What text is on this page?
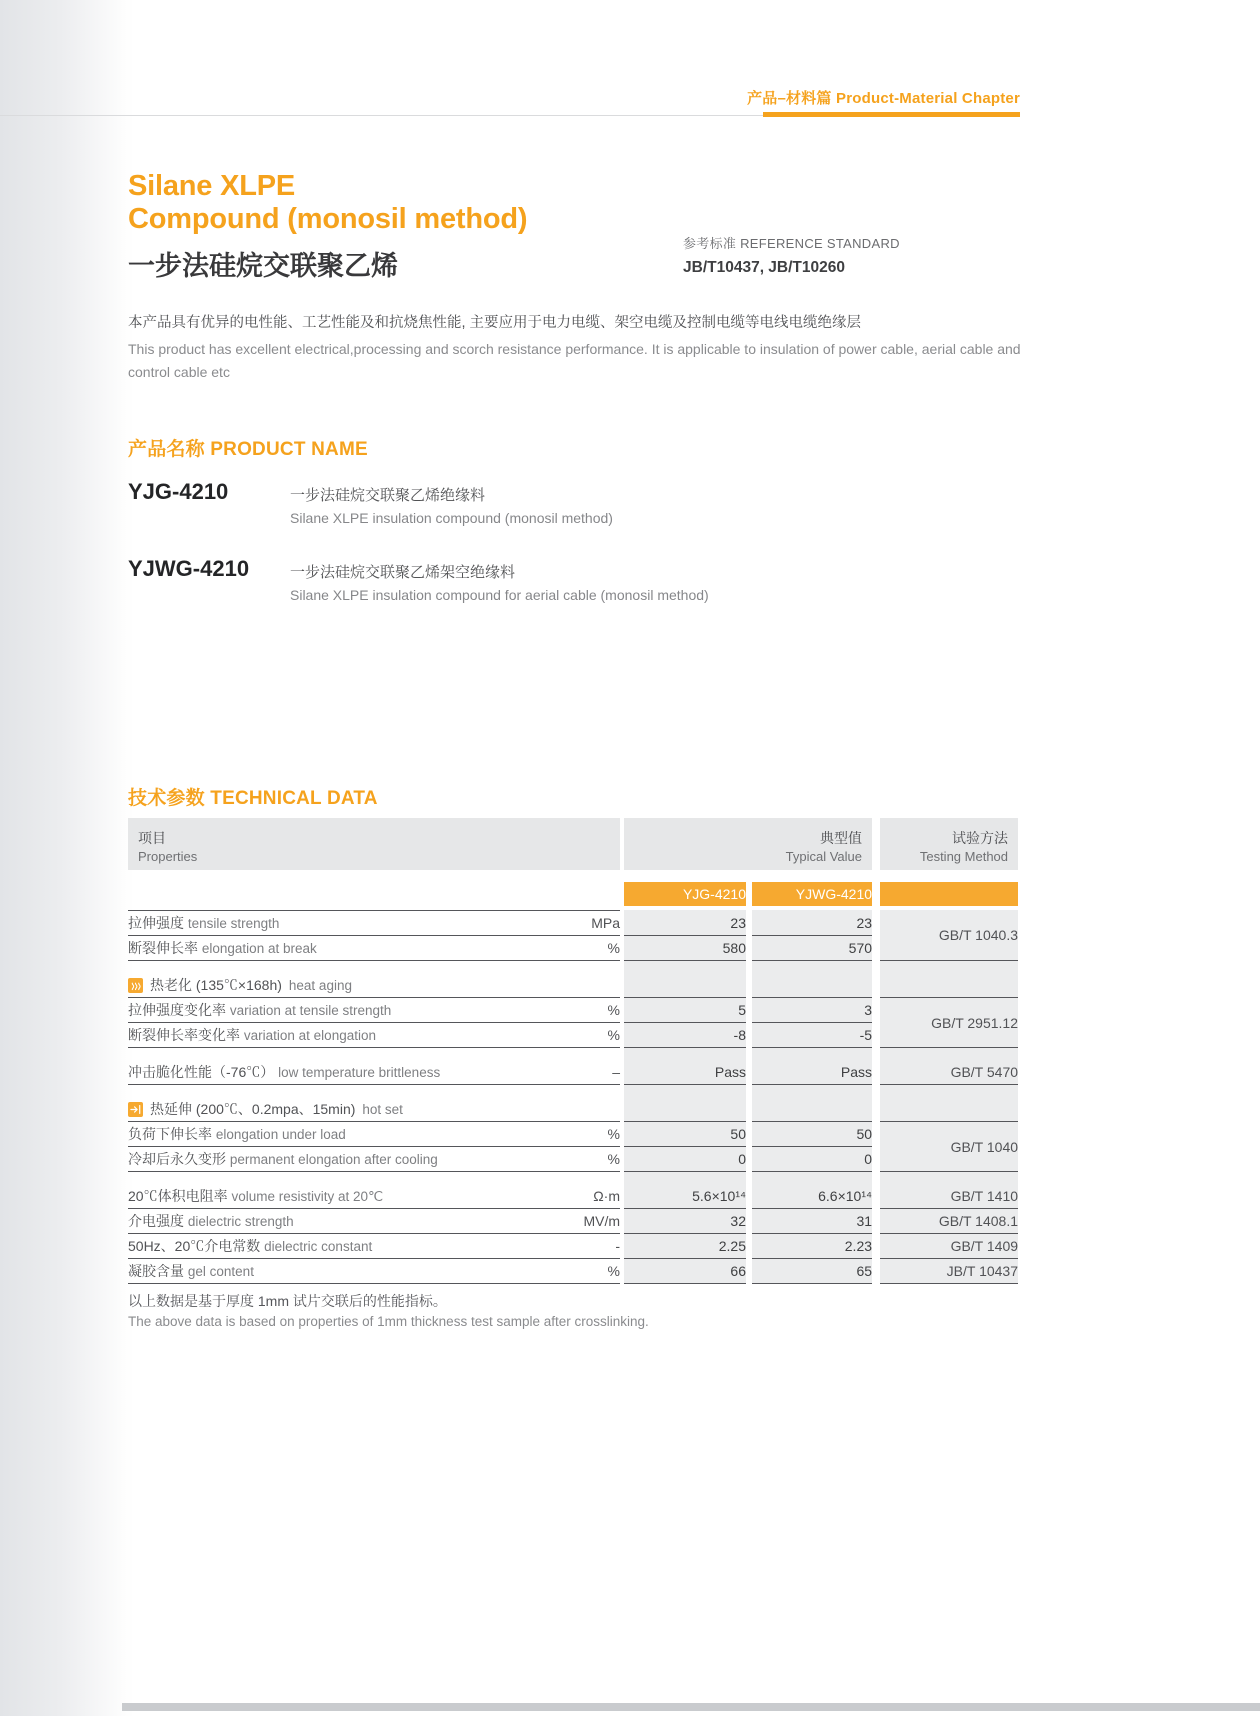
产品–材料篇 Product-Material Chapter
Silane XLPE
Compound (monosil method)
一步法硅烷交联聚乙烯
参考标准 REFERENCE STANDARD
JB/T10437, JB/T10260
本产品具有优异的电性能、工艺性能及和抗烧焦性能, 主要应用于电力电缆、架空电缆及控制电缆等电线电缆绝缘层
This product has excellent electrical,processing and scorch resistance performance. It is applicable to insulation of power cable, aerial cable and control cable etc
产品名称 PRODUCT NAME
YJG-4210	一步法硅烷交联聚乙烯绝缘料
Silane XLPE insulation compound (monosil method)
YJWG-4210	一步法硅烷交联聚乙烯架空绝缘料
Silane XLPE insulation compound for aerial cable (monosil method)
技术参数 TECHNICAL DATA
项目
Properties

典型值
Typical Value

试验方法
Testing Method

			YJG-4210		YJWG-4210		

拉伸强度 tensile strength	MPa		23		23		GB/T 1040.3
断裂伸长率 elongation at break	%		580		570		

热老化 (135℃×168h) heat aging							

拉伸强度变化率 variation at tensile strength	%		5		3		GB/T 2951.12
断裂伸长率变化率 variation at elongation	%		-8		-5		

冲击脆化性能（-76℃） low temperature brittleness	–		Pass		Pass		GB/T 5470

热延伸 (200℃、0.2mpa、15min) hot set							

负荷下伸长率 elongation under load	%		50		50		GB/T 1040
冷却后永久变形 permanent elongation after cooling	%		0		0		

20℃体积电阻率 volume resistivity at 20℃	Ω·m		5.6×10¹⁴		6.6×10¹⁴		GB/T 1410
介电强度 dielectric strength	MV/m		32		31		GB/T 1408.1
50Hz、20℃介电常数 dielectric constant	-		2.25		2.23		GB/T 1409
凝胶含量 gel content	%		66		65		JB/T 10437
以上数据是基于厚度 1mm 试片交联后的性能指标。
The above data is based on properties of 1mm thickness test sample after crosslinking.
